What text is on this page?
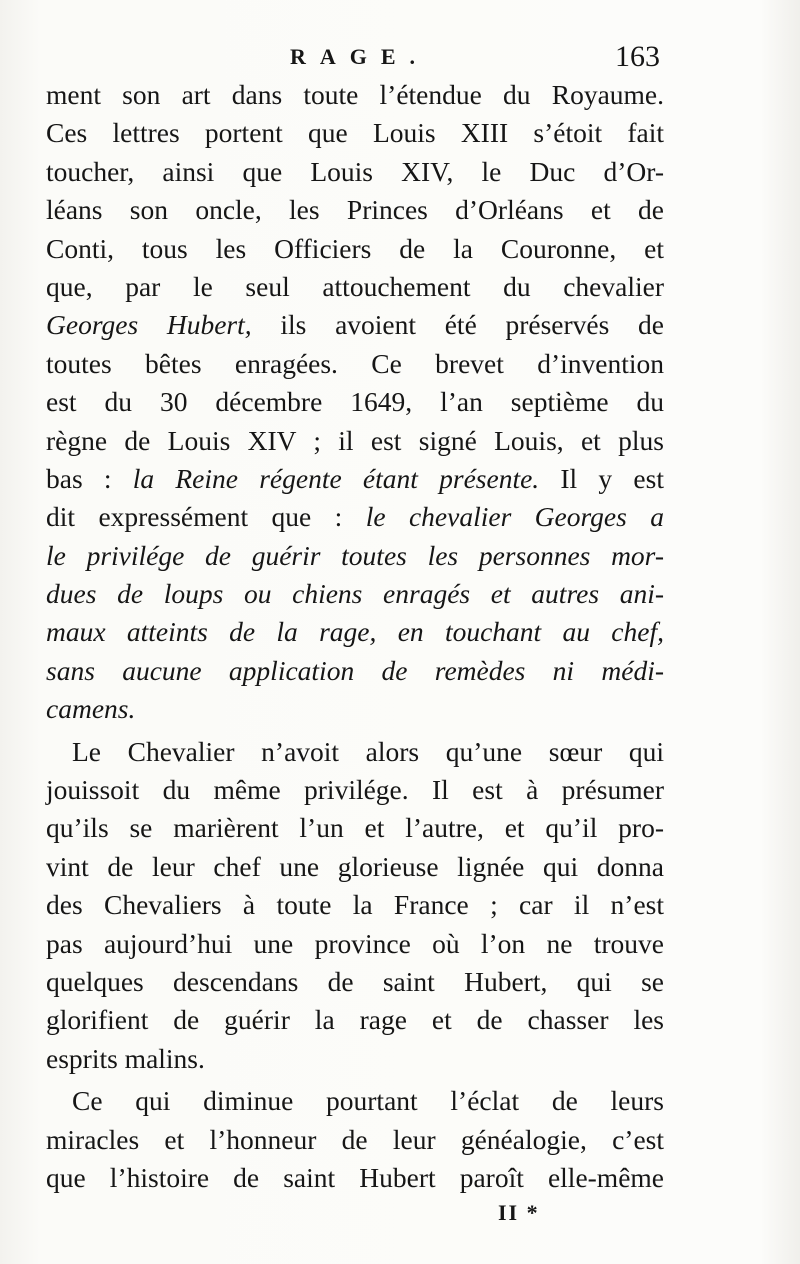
RAGE.	163
ment son art dans toute l’étendue du Royaume.
Ces lettres portent que Louis XIII s’étoit fait
toucher, ainsi que Louis XIV, le Duc d’Or-
léans son oncle, les Princes d’Orléans et de
Conti, tous les Officiers de la Couronne, et
que, par le seul attouchement du chevalier
Georges Hubert, ils avoient été préservés de
toutes bêtes enragées. Ce brevet d’invention
est du 30 décembre 1649, l’an septième du
règne de Louis XIV ; il est signé Louis, et plus
bas : la Reine régente étant présente. Il y est
dit expressément que : le chevalier Georges a
le privilége de guérir toutes les personnes mor-
dues de loups ou chiens enragés et autres ani-
maux atteints de la rage, en touchant au chef,
sans aucune application de remèdes ni médi-
camens.
Le Chevalier n’avoit alors qu’une sœur qui
jouissoit du même privilége. Il est à présumer
qu’ils se marièrent l’un et l’autre, et qu’il pro-
vint de leur chef une glorieuse lignée qui donna
des Chevaliers à toute la France ; car il n’est
pas aujourd’hui une province où l’on ne trouve
quelques descendans de saint Hubert, qui se
glorifient de guérir la rage et de chasser les
esprits malins.
Ce qui diminue pourtant l’éclat de leurs
miracles et l’honneur de leur généalogie, c’est
que l’histoire de saint Hubert paroît elle-même
II *
